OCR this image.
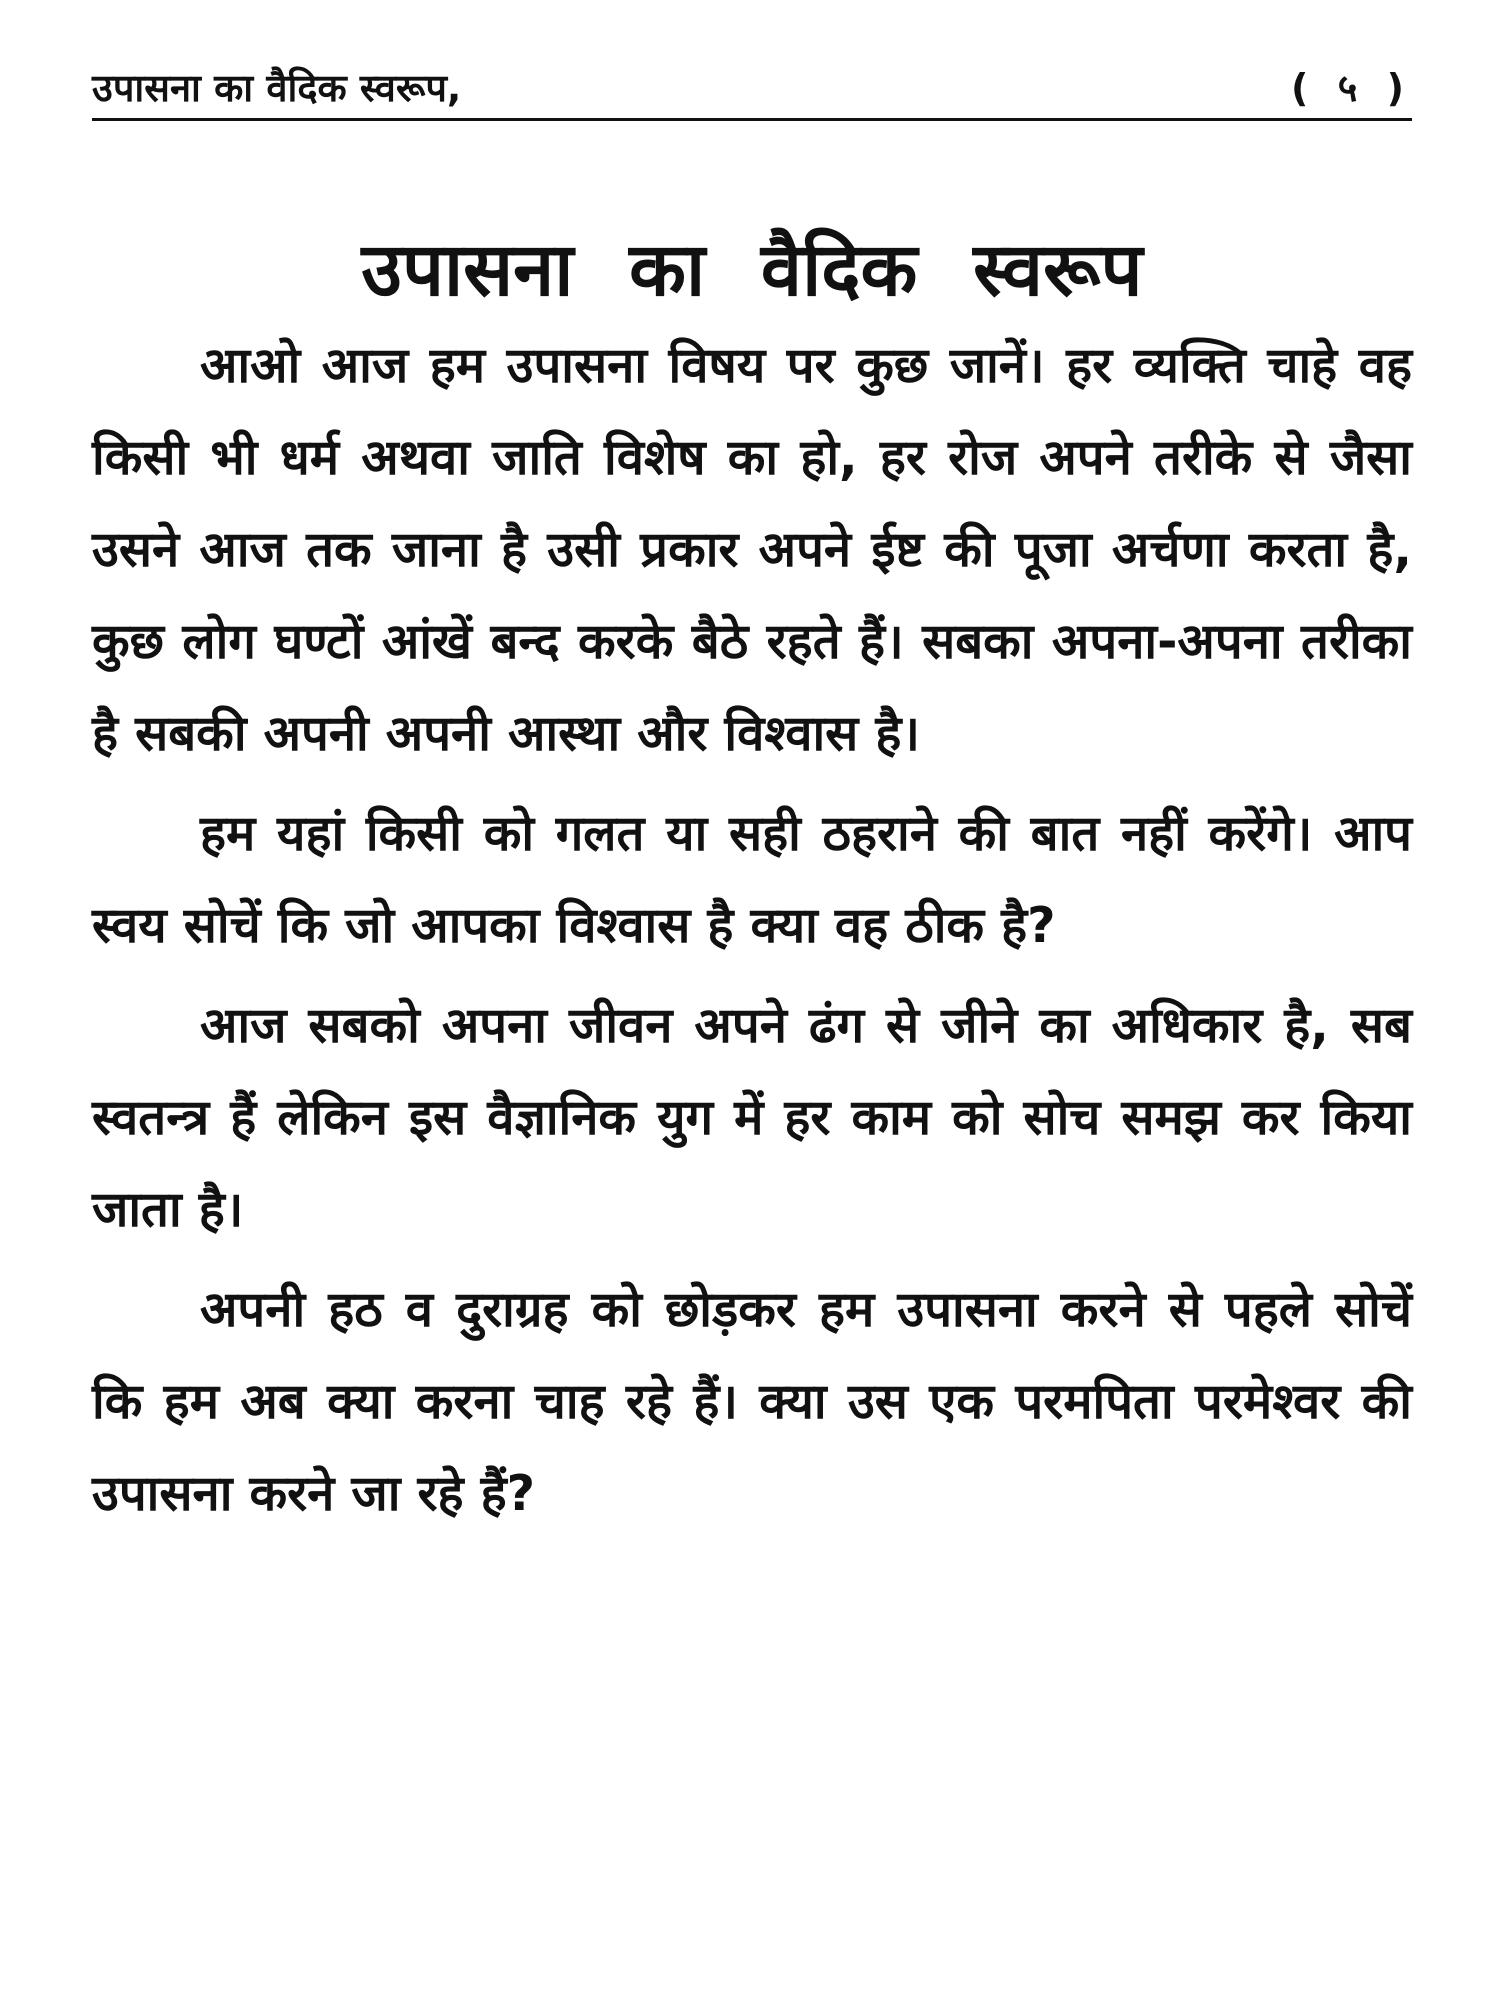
उपासना का वैदिक स्वरूप,	( ५ )
उपासना का वैदिक स्वरूप

आओ आज हम उपासना विषय पर कुछ जानें। हर व्यक्ति चाहे वह किसी भी धर्म अथवा जाति विशेष का हो, हर रोज अपने तरीके से जैसा उसने आज तक जाना है उसी प्रकार अपने ईष्ट की पूजा अर्चणा करता है, कुछ लोग घण्टों आंखें बन्द करके बैठे रहते हैं। सबका अपना-अपना तरीका है सबकी अपनी अपनी आस्था और विश्वास है।

हम यहां किसी को गलत या सही ठहराने की बात नहीं करेंगे। आप स्वय सोचें कि जो आपका विश्वास है क्या वह ठीक है?

आज सबको अपना जीवन अपने ढंग से जीने का अधिकार है, सब स्वतन्त्र हैं लेकिन इस वैज्ञानिक युग में हर काम को सोच समझ कर किया जाता है।

अपनी हठ व दुराग्रह को छोड़कर हम उपासना करने से पहले सोचें कि हम अब क्या करना चाह रहे हैं। क्या उस एक परमपिता परमेश्वर की उपासना करने जा रहे हैं?
